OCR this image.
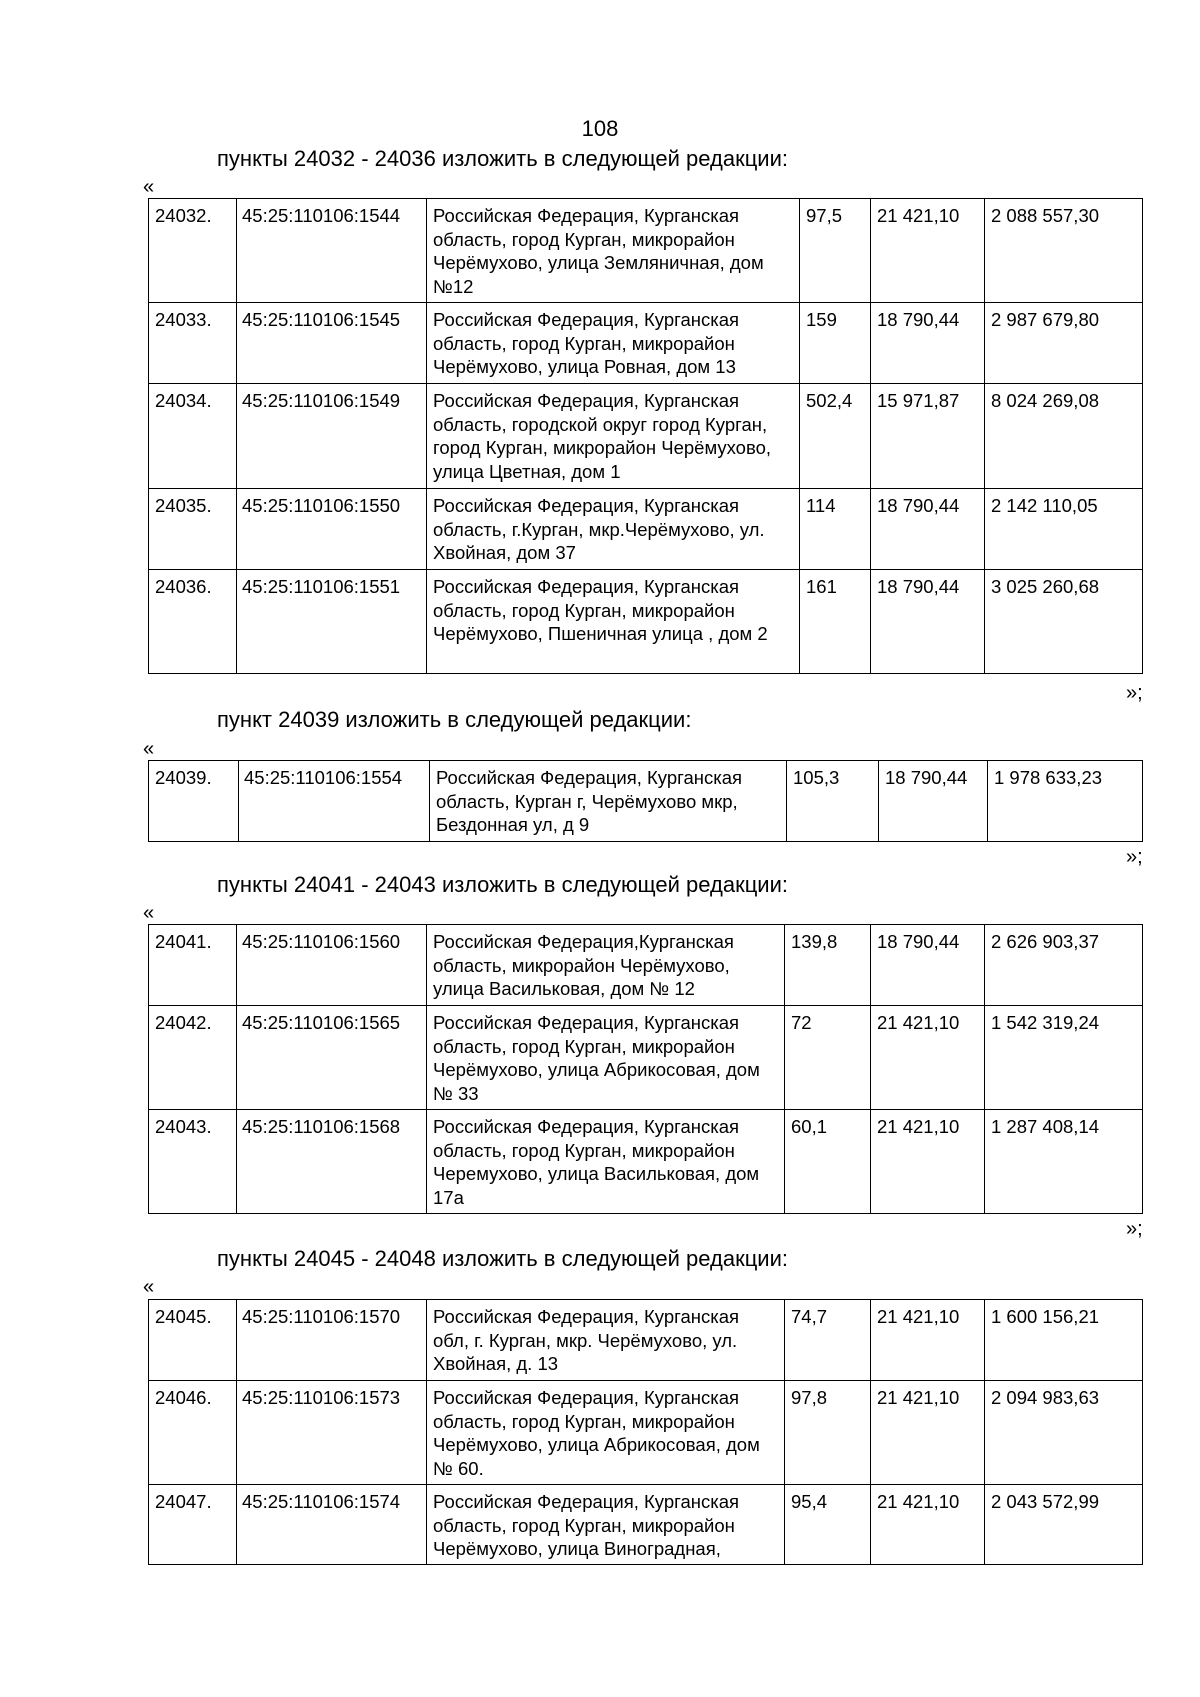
108
пункты 24032 - 24036 изложить в следующей редакции:
«
24032.	45:25:110106:1544	Российская Федерация, Курганская область, город Курган, микрорайон Черёмухово, улица Земляничная, дом №12	97,5	21 421,10	2 088 557,30
24033.	45:25:110106:1545	Российская Федерация, Курганская область, город Курган, микрорайон Черёмухово, улица Ровная, дом 13	159	18 790,44	2 987 679,80
24034.	45:25:110106:1549	Российская Федерация, Курганская область, городской округ город Курган, город Курган, микрорайон Черёмухово, улица Цветная, дом 1	502,4	15 971,87	8 024 269,08
24035.	45:25:110106:1550	Российская Федерация, Курганская область, г.Курган, мкр.Черёмухово, ул. Хвойная, дом 37	114	18 790,44	2 142 110,05
24036.	45:25:110106:1551	Российская Федерация, Курганская область, город Курган, микрорайон Черёмухово, Пшеничная улица , дом 2	161	18 790,44	3 025 260,68
»;
пункт 24039 изложить в следующей редакции:
«
24039.	45:25:110106:1554	Российская Федерация, Курганская область, Курган г, Черёмухово мкр, Бездонная ул, д 9	105,3	18 790,44	1 978 633,23
»;
пункты 24041 - 24043 изложить в следующей редакции:
«
24041.	45:25:110106:1560	Российская Федерация,Курганская область, микрорайон Черёмухово, улица Васильковая, дом № 12	139,8	18 790,44	2 626 903,37
24042.	45:25:110106:1565	Российская Федерация, Курганская область, город Курган, микрорайон Черёмухово, улица Абрикосовая, дом № 33	72	21 421,10	1 542 319,24
24043.	45:25:110106:1568	Российская Федерация, Курганская область, город Курган, микрорайон Черемухово, улица Васильковая, дом 17а	60,1	21 421,10	1 287 408,14
»;
пункты 24045 - 24048 изложить в следующей редакции:
«
24045.	45:25:110106:1570	Российская Федерация, Курганская обл, г. Курган, мкр. Черёмухово, ул. Хвойная, д. 13	74,7	21 421,10	1 600 156,21
24046.	45:25:110106:1573	Российская Федерация, Курганская область, город Курган, микрорайон Черёмухово, улица Абрикосовая, дом № 60.	97,8	21 421,10	2 094 983,63
24047.	45:25:110106:1574	Российская Федерация, Курганская область, город Курган, микрорайон Черёмухово, улица Виноградная,	95,4	21 421,10	2 043 572,99
